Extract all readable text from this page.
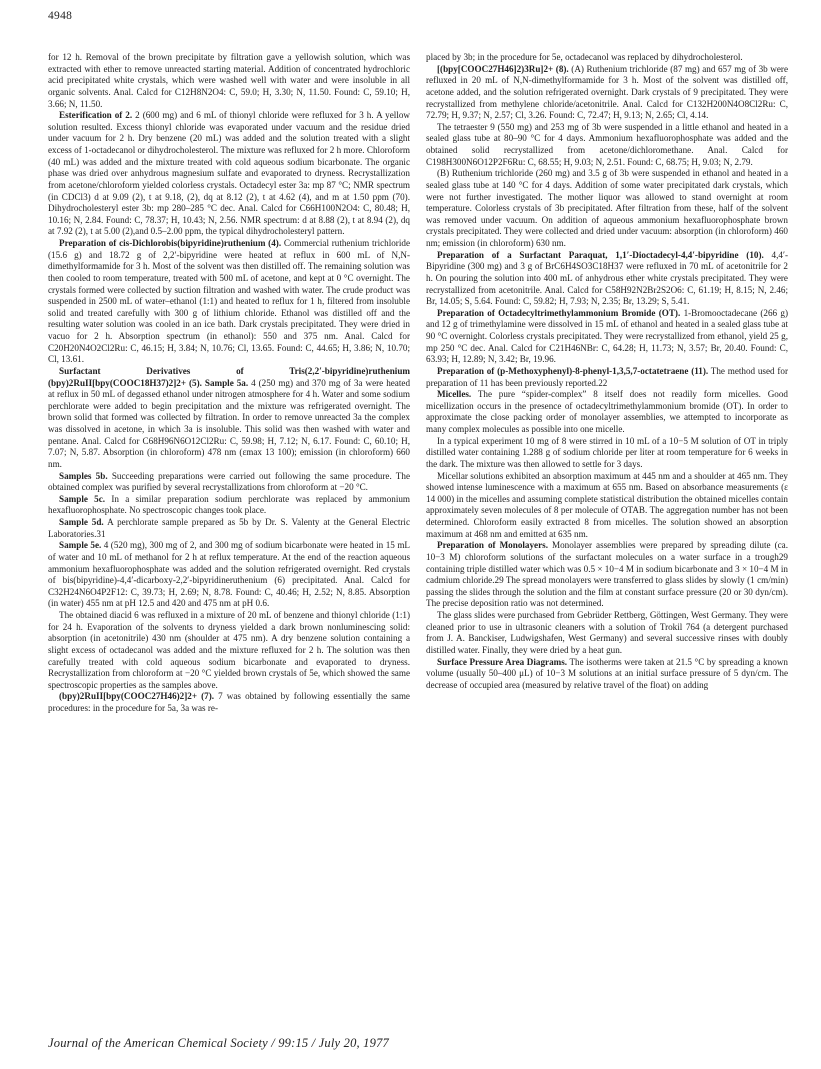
4948

for 12 h. Removal of the brown precipitate by filtration gave a yellowish solution, which was extracted with ether to remove unreacted starting material. Addition of concentrated hydrochloric acid precipitated white crystals, which were washed well with water and were insoluble in all organic solvents. Anal. Calcd for C12H8N2O4: C, 59.0; H, 3.30; N, 11.50. Found: C, 59.10; H, 3.66; N, 11.50.

Esterification of 2. 2 (600 mg) and 6 mL of thionyl chloride were refluxed for 3 h. A yellow solution resulted. Excess thionyl chloride was evaporated under vacuum and the residue dried under vacuum for 2 h. Dry benzene (20 mL) was added and the solution treated with a slight excess of 1-octadecanol or dihydrocholesterol. The mixture was refluxed for 2 h more. Chloroform (40 mL) was added and the mixture treated with cold aqueous sodium bicarbonate. The organic phase was dried over anhydrous magnesium sulfate and evaporated to dryness. Recrystallization from acetone/chloroform yielded colorless crystals. Octadecyl ester 3a: mp 87 °C; NMR spectrum (in CDCl3) d at 9.09 (2), t at 9.18, (2), dq at 8.12 (2), t at 4.62 (4), and m at 1.50 ppm (70). Dihydrocholesteryl ester 3b: mp 280–285 °C dec. Anal. Calcd for C66H100N2O4: C, 80.48; H, 10.16; N, 2.84. Found: C, 78.37; H, 10.43; N, 2.56. NMR spectrum: d at 8.88 (2), t at 8.94 (2), dq at 7.92 (2), t at 5.00 (2),and 0.5–2.00 ppm, the typical dihydrocholesteryl pattern.

Preparation of cis-Dichlorobis(bipyridine)ruthenium (4). Commercial ruthenium trichloride (15.6 g) and 18.72 g of 2,2′-bipyridine were heated at reflux in 600 mL of N,N-dimethylformamide for 3 h. Most of the solvent was then distilled off. The remaining solution was then cooled to room temperature, treated with 500 mL of acetone, and kept at 0 °C overnight. The crystals formed were collected by suction filtration and washed with water. The crude product was suspended in 2500 mL of water–ethanol (1:1) and heated to reflux for 1 h, filtered from insoluble solid and treated carefully with 300 g of lithium chloride. Ethanol was distilled off and the resulting water solution was cooled in an ice bath. Dark crystals precipitated. They were dried in vacuo for 2 h. Absorption spectrum (in ethanol): 550 and 375 nm. Anal. Calcd for C20H20N4O2Cl2Ru: C, 46.15; H, 3.84; N, 10.76; Cl, 13.65. Found: C, 44.65; H, 3.86; N, 10.70; Cl, 13.61.

Surfactant Derivatives of Tris(2,2′-bipyridine)ruthenium (bpy)2RuII[bpy(COOC18H37)2]2+ (5). Sample 5a. 4 (250 mg) and 370 mg of 3a were heated at reflux in 50 mL of degassed ethanol under nitrogen atmosphere for 4 h. Water and some sodium perchlorate were added to begin precipitation and the mixture was refrigerated overnight. The brown solid that formed was collected by filtration. In order to remove unreacted 3a the complex was dissolved in acetone, in which 3a is insoluble. This solid was then washed with water and pentane. Anal. Calcd for C68H96N6O12Cl2Ru: C, 59.98; H, 7.12; N, 6.17. Found: C, 60.10; H, 7.07; N, 5.87. Absorption (in chloroform) 478 nm (εmax 13 100); emission (in chloroform) 660 nm.

Samples 5b. Succeeding preparations were carried out following the same procedure. The obtained complex was purified by several recrystallizations from chloroform at −20 °C.

Sample 5c. In a similar preparation sodium perchlorate was replaced by ammonium hexafluorophosphate. No spectroscopic changes took place.

Sample 5d. A perchlorate sample prepared as 5b by Dr. S. Valenty at the General Electric Laboratories.31

Sample 5e. 4 (520 mg), 300 mg of 2, and 300 mg of sodium bicarbonate were heated in 15 mL of water and 10 mL of methanol for 2 h at reflux temperature. At the end of the reaction aqueous ammonium hexafluorophosphate was added and the solution refrigerated overnight. Red crystals of bis(bipyridine)-4,4′-dicarboxy-2,2′-bipyridineruthenium (6) precipitated. Anal. Calcd for C32H24N6O4P2F12: C, 39.73; H, 2.69; N, 8.78. Found: C, 40.46; H, 2.52; N, 8.85. Absorption (in water) 455 nm at pH 12.5 and 420 and 475 nm at pH 0.6.

The obtained diacid 6 was refluxed in a mixture of 20 mL of benzene and thionyl chloride (1:1) for 24 h. Evaporation of the solvents to dryness yielded a dark brown nonluminescing solid: absorption (in acetonitrile) 430 nm (shoulder at 475 nm). A dry benzene solution containing a slight excess of octadecanol was added and the mixture refluxed for 2 h. The solution was then carefully treated with cold aqueous sodium bicarbonate and evaporated to dryness. Recrystallization from chloroform at −20 °C yielded brown crystals of 5e, which showed the same spectroscopic properties as the samples above.

(bpy)2RuII[bpy(COOC27H46)2]2+ (7). 7 was obtained by following essentially the same procedures: in the procedure for 5a, 3a was re-

placed by 3b; in the procedure for 5e, octadecanol was replaced by dihydrocholesterol.

[(bpy[COOC27H46]2)3Ru]2+ (8). (A) Ruthenium trichloride (87 mg) and 657 mg of 3b were refluxed in 20 mL of N,N-dimethylformamide for 3 h. Most of the solvent was distilled off, acetone added, and the solution refrigerated overnight. Dark crystals of 9 precipitated. They were recrystallized from methylene chloride/acetonitrile. Anal. Calcd for C132H200N4O8Cl2Ru: C, 72.79; H, 9.37; N, 2.57; Cl, 3.26. Found: C, 72.47; H, 9.13; N, 2.65; Cl, 4.14.

The tetraester 9 (550 mg) and 253 mg of 3b were suspended in a little ethanol and heated in a sealed glass tube at 80–90 °C for 4 days. Ammonium hexafluorophosphate was added and the obtained solid recrystallized from acetone/dichloromethane. Anal. Calcd for C198H300N6O12P2F6Ru: C, 68.55; H, 9.03; N, 2.51. Found: C, 68.75; H, 9.03; N, 2.79.

(B) Ruthenium trichloride (260 mg) and 3.5 g of 3b were suspended in ethanol and heated in a sealed glass tube at 140 °C for 4 days. Addition of some water precipitated dark crystals, which were not further investigated. The mother liquor was allowed to stand overnight at room temperature. Colorless crystals of 3b precipitated. After filtration from these, half of the solvent was removed under vacuum. On addition of aqueous ammonium hexafluorophosphate brown crystals precipitated. They were collected and dried under vacuum: absorption (in chloroform) 460 nm; emission (in chloroform) 630 nm.

Preparation of a Surfactant Paraquat, 1,1′-Dioctadecyl-4,4′-bipyridine (10). 4,4′-Bipyridine (300 mg) and 3 g of BrC6H4SO3C18H37 were refluxed in 70 mL of acetonitrile for 2 h. On pouring the solution into 400 mL of anhydrous ether white crystals precipitated. They were recrystallized from acetonitrile. Anal. Calcd for C58H92N2Br2S2O6: C, 61.19; H, 8.15; N, 2.46; Br, 14.05; S, 5.64. Found: C, 59.82; H, 7.93; N, 2.35; Br, 13.29; S, 5.41.

Preparation of Octadecyltrimethylammonium Bromide (OT). 1-Bromooctadecane (266 g) and 12 g of trimethylamine were dissolved in 15 mL of ethanol and heated in a sealed glass tube at 90 °C overnight. Colorless crystals precipitated. They were recrystallized from ethanol, yield 25 g, mp 250 °C dec. Anal. Calcd for C21H46NBr: C, 64.28; H, 11.73; N, 3.57; Br, 20.40. Found: C, 63.93; H, 12.89; N, 3.42; Br, 19.96.

Preparation of (p-Methoxyphenyl)-8-phenyl-1,3,5,7-octatetraene (11). The method used for preparation of 11 has been previously reported.22

Micelles. The pure “spider-complex” 8 itself does not readily form micelles. Good micellization occurs in the presence of octadecyltrimethylammonium bromide (OT). In order to approximate the close packing order of monolayer assemblies, we attempted to incorporate as many complex molecules as possible into one micelle.

In a typical experiment 10 mg of 8 were stirred in 10 mL of a 10−5 M solution of OT in triply distilled water containing 1.288 g of sodium chloride per liter at room temperature for 6 weeks in the dark. The mixture was then allowed to settle for 3 days.

Micellar solutions exhibited an absorption maximum at 445 nm and a shoulder at 465 nm. They showed intense luminescence with a maximum at 655 nm. Based on absorbance measurements (ε 14 000) in the micelles and assuming complete statistical distribution the obtained micelles contain approximately seven molecules of 8 per molecule of OTAB. The aggregation number has not been determined. Chloroform easily extracted 8 from micelles. The solution showed an absorption maximum at 468 nm and emitted at 635 nm.

Preparation of Monolayers. Monolayer assemblies were prepared by spreading dilute (ca. 10−3 M) chloroform solutions of the surfactant molecules on a water surface in a trough29 containing triple distilled water which was 0.5 × 10−4 M in sodium bicarbonate and 3 × 10−4 M in cadmium chloride.29 The spread monolayers were transferred to glass slides by slowly (1 cm/min) passing the slides through the solution and the film at constant surface pressure (20 or 30 dyn/cm). The precise deposition ratio was not determined.

The glass slides were purchased from Gebrüder Rettberg, Göttingen, West Germany. They were cleaned prior to use in ultrasonic cleaners with a solution of Trokil 764 (a detergent purchased from J. A. Banckiser, Ludwigshafen, West Germany) and several successive rinses with doubly distilled water. Finally, they were dried by a heat gun.

Surface Pressure Area Diagrams. The isotherms were taken at 21.5 °C by spreading a known volume (usually 50–400 μL) of 10−3 M solutions at an initial surface pressure of 5 dyn/cm. The decrease of occupied area (measured by relative travel of the float) on adding

Journal of the American Chemical Society / 99:15 / July 20, 1977
